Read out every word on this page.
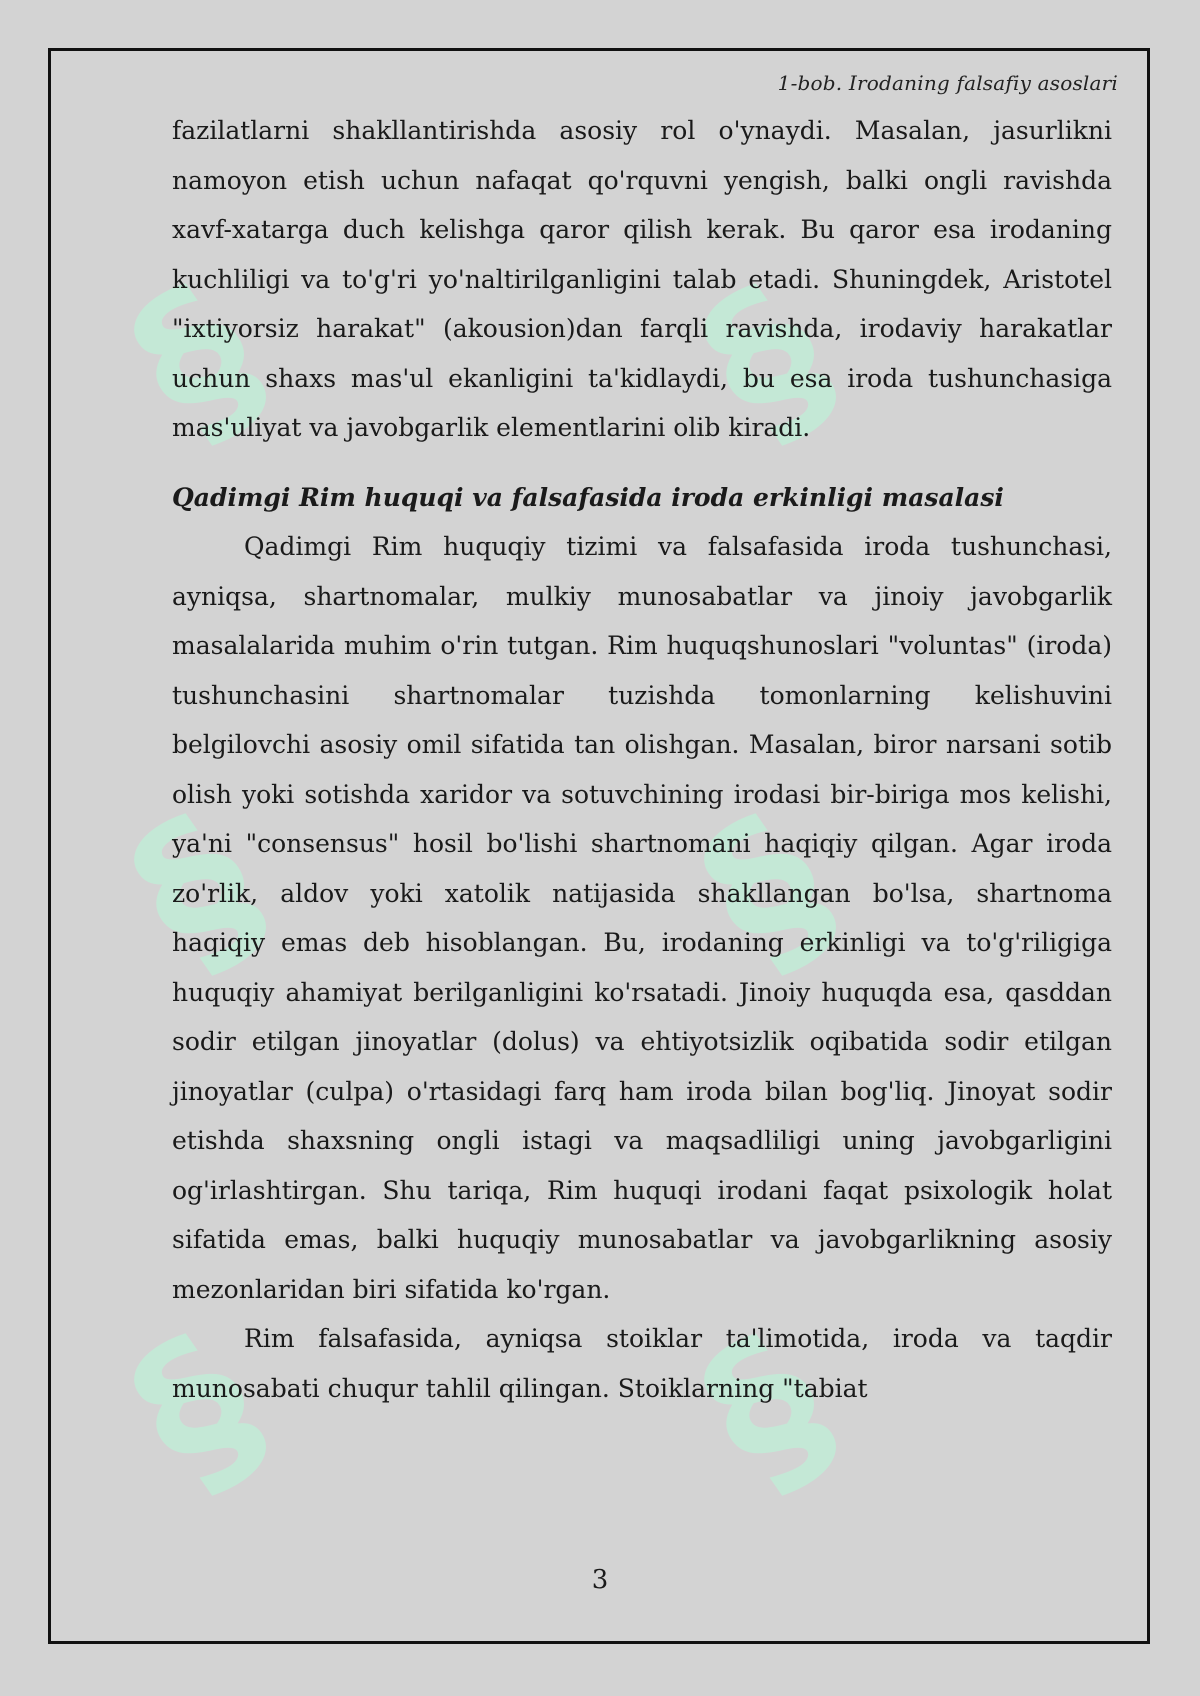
§ §
§ §
§ §
1-bob. Irodaning falsafiy asoslari

fazilatlarni shakllantirishda asosiy rol o'ynaydi. Masalan, jasurlikni namoyon etish uchun nafaqat qo'rquvni yengish, balki ongli ravishda xavf-xatarga duch kelishga qaror qilish kerak. Bu qaror esa irodaning kuchliligi va to'g'ri yo'naltirilganligini talab etadi. Shuningdek, Aristotel "ixtiyorsiz harakat" (akousion)dan farqli ravishda, irodaviy harakatlar uchun shaxs mas'ul ekanligini ta'kidlaydi, bu esa iroda tushunchasiga mas'uliyat va javobgarlik elementlarini olib kiradi.

Qadimgi Rim huquqi va falsafasida iroda erkinligi masalasi

Qadimgi Rim huquqiy tizimi va falsafasida iroda tushunchasi, ayniqsa, shartnomalar, mulkiy munosabatlar va jinoiy javobgarlik masalalarida muhim o'rin tutgan. Rim huquqshunoslari "voluntas" (iroda) tushunchasini shartnomalar tuzishda tomonlarning kelishuvini belgilovchi asosiy omil sifatida tan olishgan. Masalan, biror narsani sotib olish yoki sotishda xaridor va sotuvchining irodasi bir-biriga mos kelishi, ya'ni "consensus" hosil bo'lishi shartnomani haqiqiy qilgan. Agar iroda zo'rlik, aldov yoki xatolik natijasida shakllangan bo'lsa, shartnoma haqiqiy emas deb hisoblangan. Bu, irodaning erkinligi va to'g'riligiga huquqiy ahamiyat berilganligini ko'rsatadi. Jinoiy huquqda esa, qasddan sodir etilgan jinoyatlar (dolus) va ehtiyotsizlik oqibatida sodir etilgan jinoyatlar (culpa) o'rtasidagi farq ham iroda bilan bog'liq. Jinoyat sodir etishda shaxsning ongli istagi va maqsadliligi uning javobgarligini og'irlashtirgan. Shu tariqa, Rim huquqi irodani faqat psixologik holat sifatida emas, balki huquqiy munosabatlar va javobgarlikning asosiy mezonlaridan biri sifatida ko'rgan.

Rim falsafasida, ayniqsa stoiklar ta'limotida, iroda va taqdir munosabati chuqur tahlil qilingan. Stoiklarning "tabiat

3
